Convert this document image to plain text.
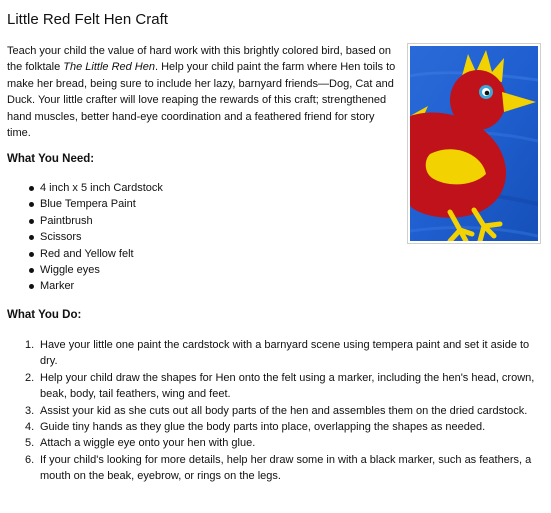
Little Red Felt Hen Craft

Teach your child the value of hard work with this brightly colored bird, based on the folktale The Little Red Hen. Help your child paint the farm where Hen toils to make her bread, being sure to include her lazy, barnyard friends—Dog, Cat and Duck. Your little crafter will love reaping the rewards of this craft; strengthened hand muscles, better hand-eye coordination and a feathered friend for story time.

What You Need:
4 inch x 5 inch Cardstock
Blue Tempera Paint
Paintbrush
Scissors
Red and Yellow felt
Wiggle eyes
Marker
What You Do:
1. Have your little one paint the cardstock with a barnyard scene using tempera paint and set it aside to dry.
2. Help your child draw the shapes for Hen onto the felt using a marker, including the hen's head, crown, beak, body, tail feathers, wing and feet.
3. Assist your kid as she cuts out all body parts of the hen and assembles them on the dried cardstock.
4. Guide tiny hands as they glue the body parts into place, overlapping the shapes as needed.
5. Attach a wiggle eye onto your hen with glue.
6. If your child's looking for more details, help her draw some in with a black marker, such as feathers, a mouth on the beak, eyebrow, or rings on the legs.
